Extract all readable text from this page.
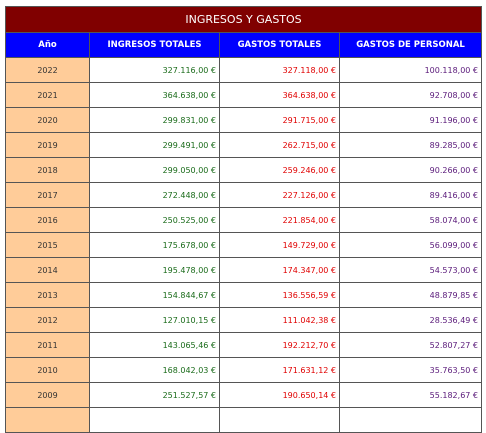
INGRESOS Y GASTOS			
Año	INGRESOS TOTALES	GASTOS TOTALES	GASTOS DE PERSONAL
2022	327.116,00 €	327.118,00 €	100.118,00 €
2021	364.638,00 €	364.638,00 €	92.708,00 €
2020	299.831,00 €	291.715,00 €	91.196,00 €
2019	299.491,00 €	262.715,00 €	89.285,00 €
2018	299.050,00 €	259.246,00 €	90.266,00 €
2017	272.448,00 €	227.126,00 €	89.416,00 €
2016	250.525,00 €	221.854,00 €	58.074,00 €
2015	175.678,00 €	149.729,00 €	56.099,00 €
2014	195.478,00 €	174.347,00 €	54.573,00 €
2013	154.844,67 €	136.556,59 €	48.879,85 €
2012	127.010,15 €	111.042,38 €	28.536,49 €
2011	143.065,46 €	192.212,70 €	52.807,27 €
2010	168.042,03 €	171.631,12 €	35.763,50 €
2009	251.527,57 €	190.650,14 €	55.182,67 €
